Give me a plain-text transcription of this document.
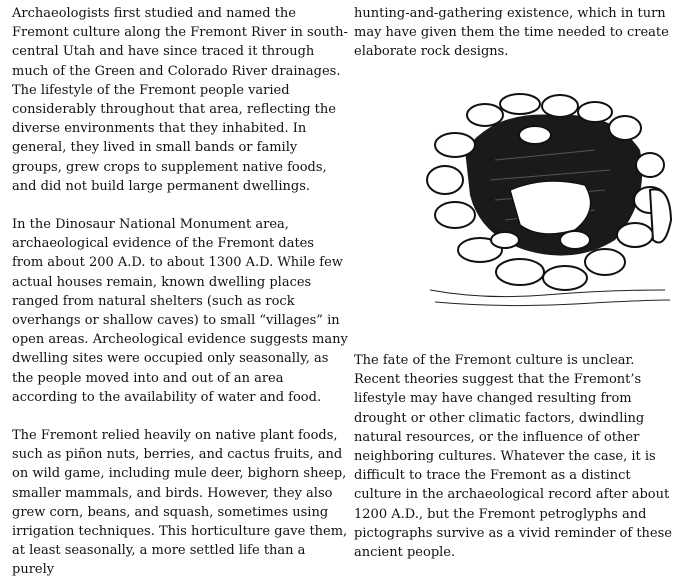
Archaeologists first studied and named the Fremont culture along the Fremont River in south-central Utah and have since traced it through much of the Green and Colorado River drainages. The lifestyle of the Fremont people varied considerably throughout that area, reflecting the diverse environments that they inhabited. In general, they lived in small bands or family groups, grew crops to supplement native foods, and did not build large permanent dwellings.

In the Dinosaur National Monument area, archaeological evidence of the Fremont dates from about 200 A.D. to about 1300 A.D. While few actual houses remain, known dwelling places ranged from natural shelters (such as rock overhangs or shallow caves) to small “villages” in open areas. Archeological evidence suggests many dwelling sites were occupied only seasonally, as the people moved into and out of an area according to the availability of water and food.

The Fremont relied heavily on native plant foods, such as piñon nuts, berries, and cactus fruits, and on wild game, including mule deer, bighorn sheep, smaller mammals, and birds. However, they also grew corn, beans, and squash, sometimes using irrigation techniques. This horticulture gave them, at least seasonally, a more settled life than a purely

hunting-and-gathering existence, which in turn may have given them the time needed to create elaborate rock designs.

The fate of the Fremont culture is unclear. Recent theories suggest that the Fremont’s lifestyle may have changed resulting from drought or other climatic factors, dwindling natural resources, or the influence of other neighboring cultures. Whatever the case, it is difficult to trace the Fremont as a distinct culture in the archaeological record after about 1200 A.D., but the Fremont petroglyphs and pictographs survive as a vivid reminder of these ancient people.
